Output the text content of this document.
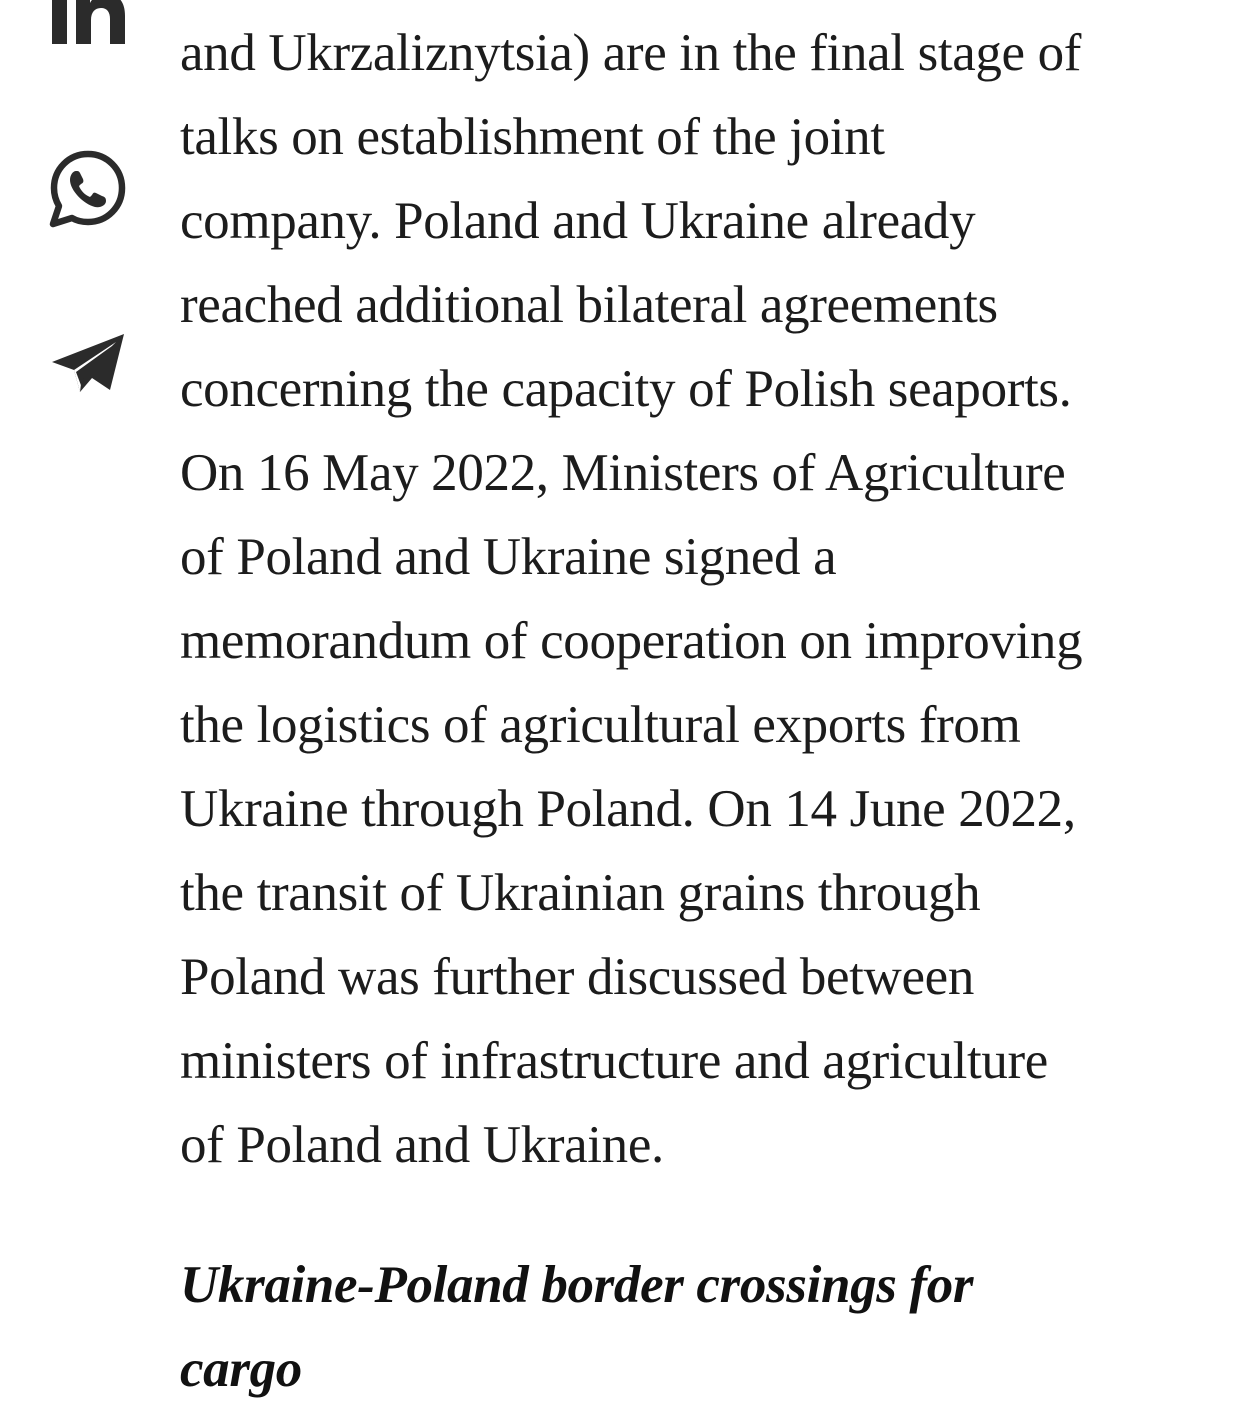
and Ukrzaliznytsia) are in the final stage of
talks on establishment of the joint
company. Poland and Ukraine already
reached additional bilateral agreements
concerning the capacity of Polish seaports.
On 16 May 2022, Ministers of Agriculture
of Poland and Ukraine signed a
memorandum of cooperation on improving
the logistics of agricultural exports from
Ukraine through Poland. On 14 June 2022,
the transit of Ukrainian grains through
Poland was further discussed between
ministers of infrastructure and agriculture
of Poland and Ukraine.

Ukraine-Poland border crossings for
cargo
